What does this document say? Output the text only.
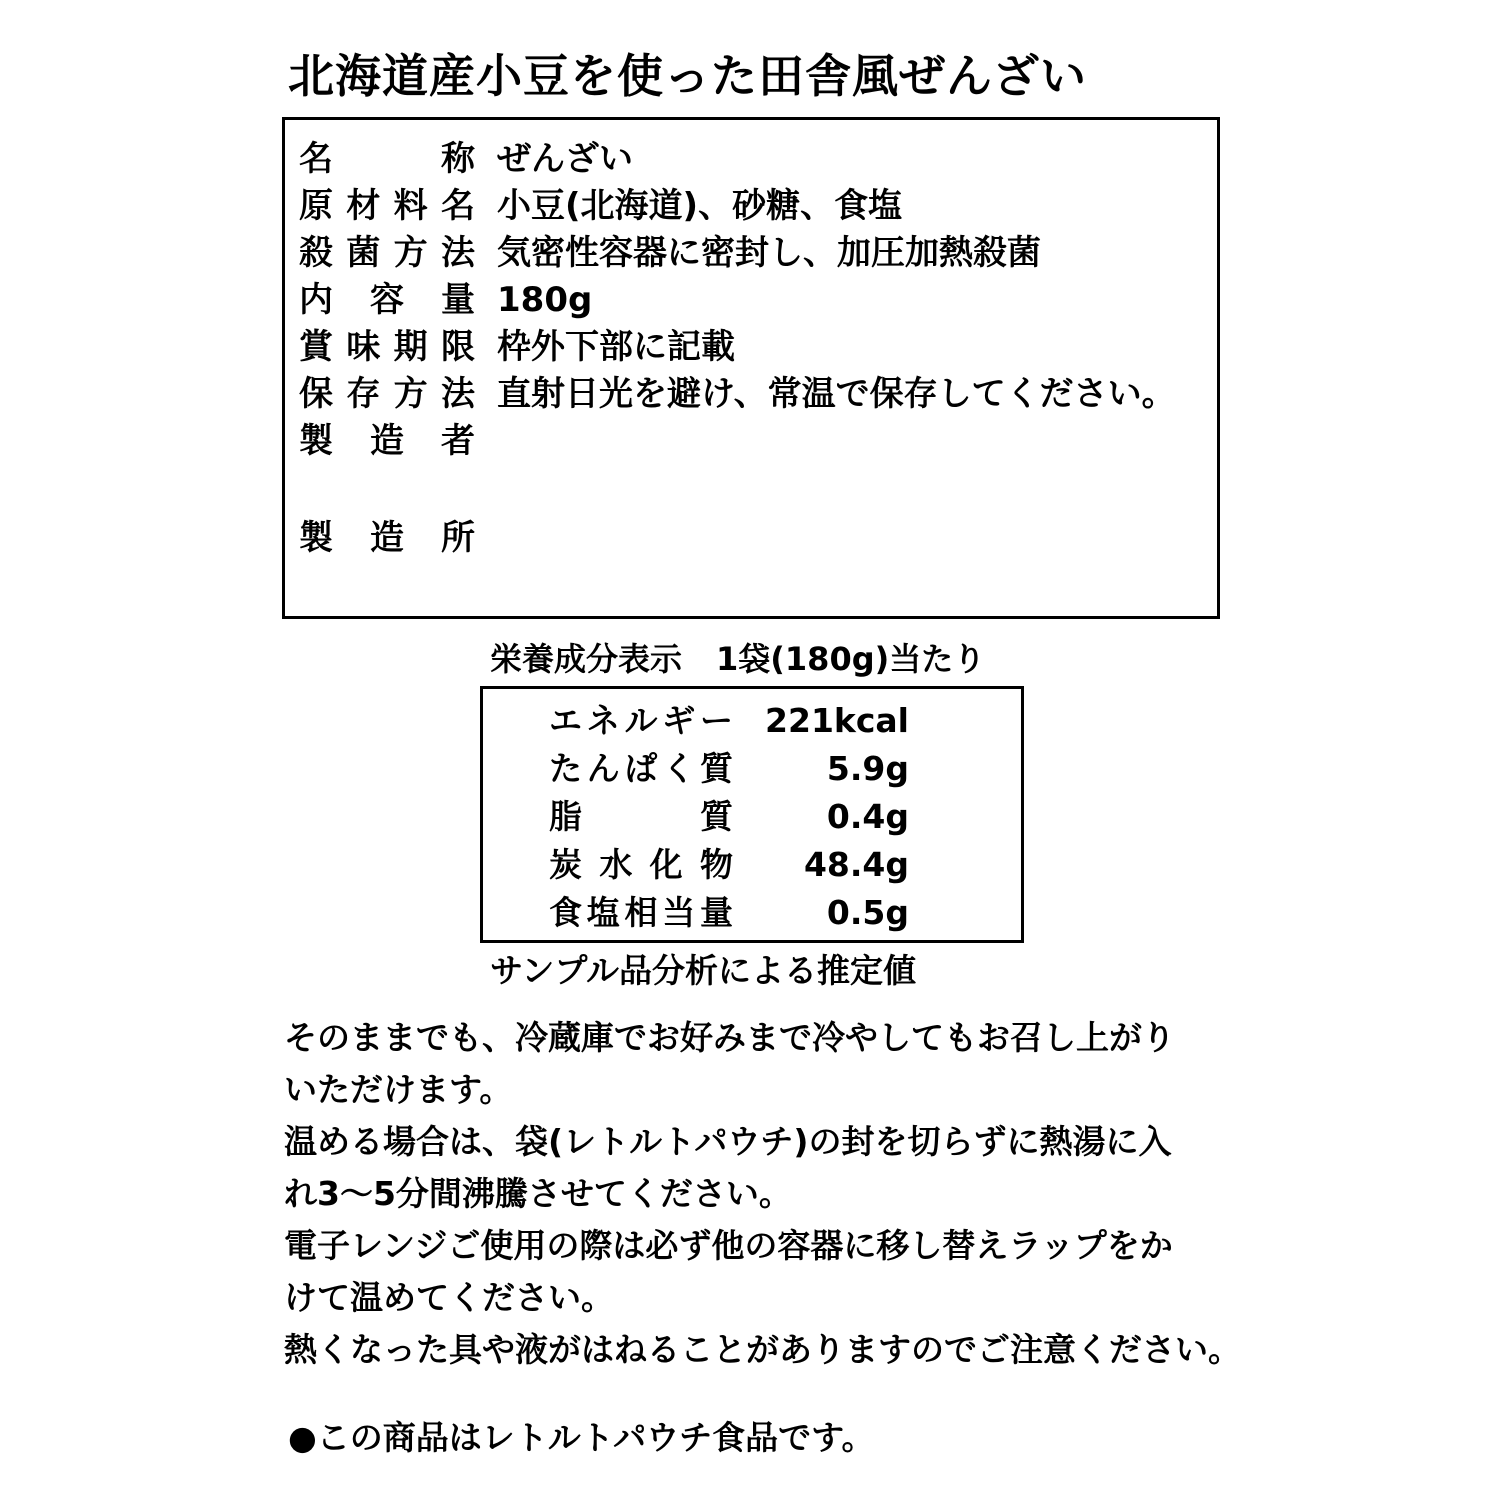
北海道産小豆を使った田舎風ぜんざい
名称 ぜんざい
原材料名 小豆(北海道)、砂糖、食塩
殺菌方法 気密性容器に密封し、加圧加熱殺菌
内容量 180g
賞味期限 枠外下部に記載
保存方法 直射日光を避け、常温で保存してください。
製造者
製造所
栄養成分表示 1袋(180g)当たり
エネルギー 221kcal
たんぱく質	5.9g
脂質	0.4g
炭水化物 48.4g
食塩相当量	0.5g
サンプル品分析による推定値

そのままでも、冷蔵庫でお好みまで冷やしてもお召し上がり

いただけます。

温める場合は、袋(レトルトパウチ)の封を切らずに熱湯に入

れ3～5分間沸騰させてください。

電子レンジご使用の際は必ず他の容器に移し替えラップをか

けて温めてください。

熱くなった具や液がはねることがありますのでご注意ください。

●この商品はレトルトパウチ食品です。
